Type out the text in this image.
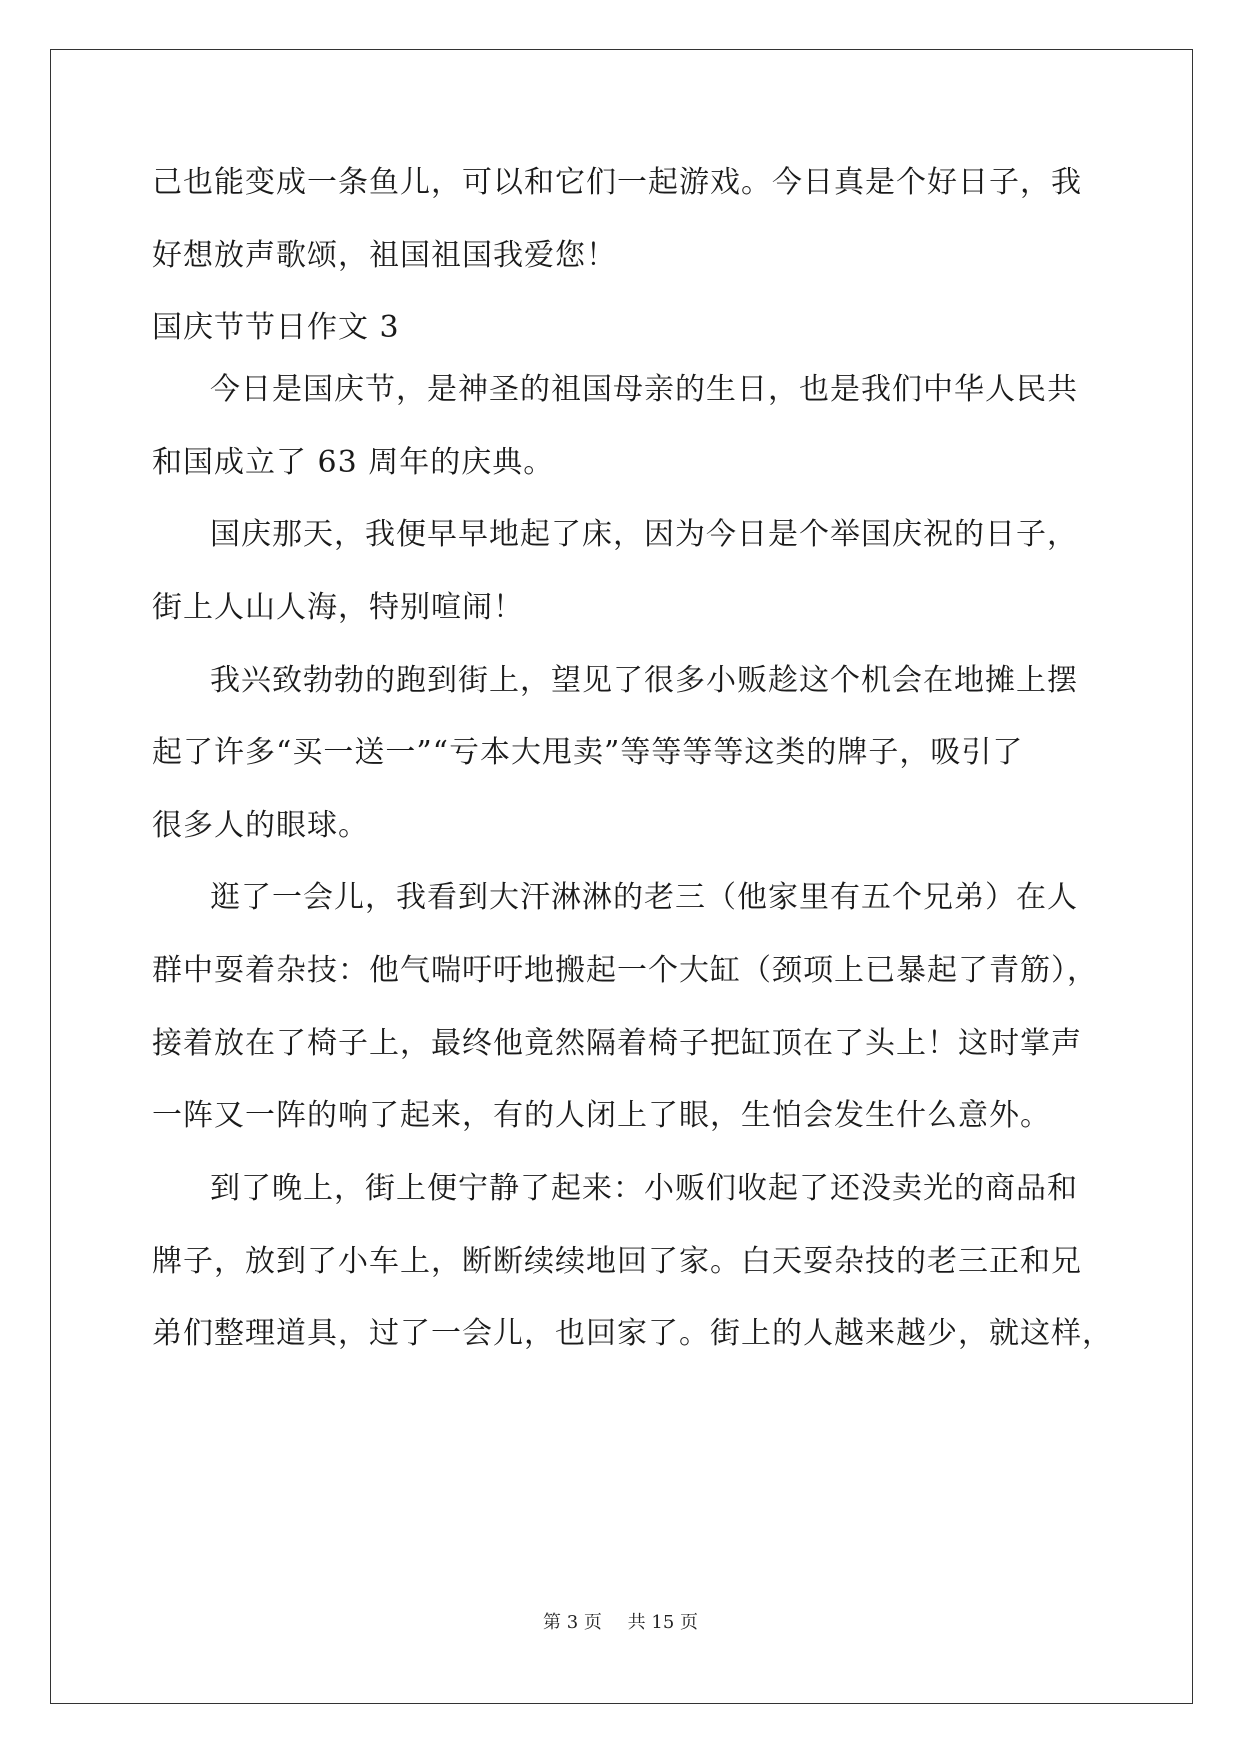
己也能变成一条鱼儿，可以和它们一起游戏。今日真是个好日子，我
好想放声歌颂，祖国祖国我爱您！
国庆节节日作文 3
今日是国庆节，是神圣的祖国母亲的生日，也是我们中华人民共
和国成立了 63 周年的庆典。
国庆那天，我便早早地起了床，因为今日是个举国庆祝的日子，
街上人山人海，特别喧闹！
我兴致勃勃的跑到街上，望见了很多小贩趁这个机会在地摊上摆
起了许多“买一送一”“亏本大甩卖”等等等等这类的牌子，吸引了
很多人的眼球。
逛了一会儿，我看到大汗淋淋的老三（他家里有五个兄弟）在人
群中耍着杂技：他气喘吁吁地搬起一个大缸（颈项上已暴起了青筋），
接着放在了椅子上，最终他竟然隔着椅子把缸顶在了头上！这时掌声
一阵又一阵的响了起来，有的人闭上了眼，生怕会发生什么意外。
到了晚上，街上便宁静了起来：小贩们收起了还没卖光的商品和
牌子，放到了小车上，断断续续地回了家。白天耍杂技的老三正和兄
弟们整理道具，过了一会儿，也回家了。街上的人越来越少，就这样，
第 3 页 共 15 页
